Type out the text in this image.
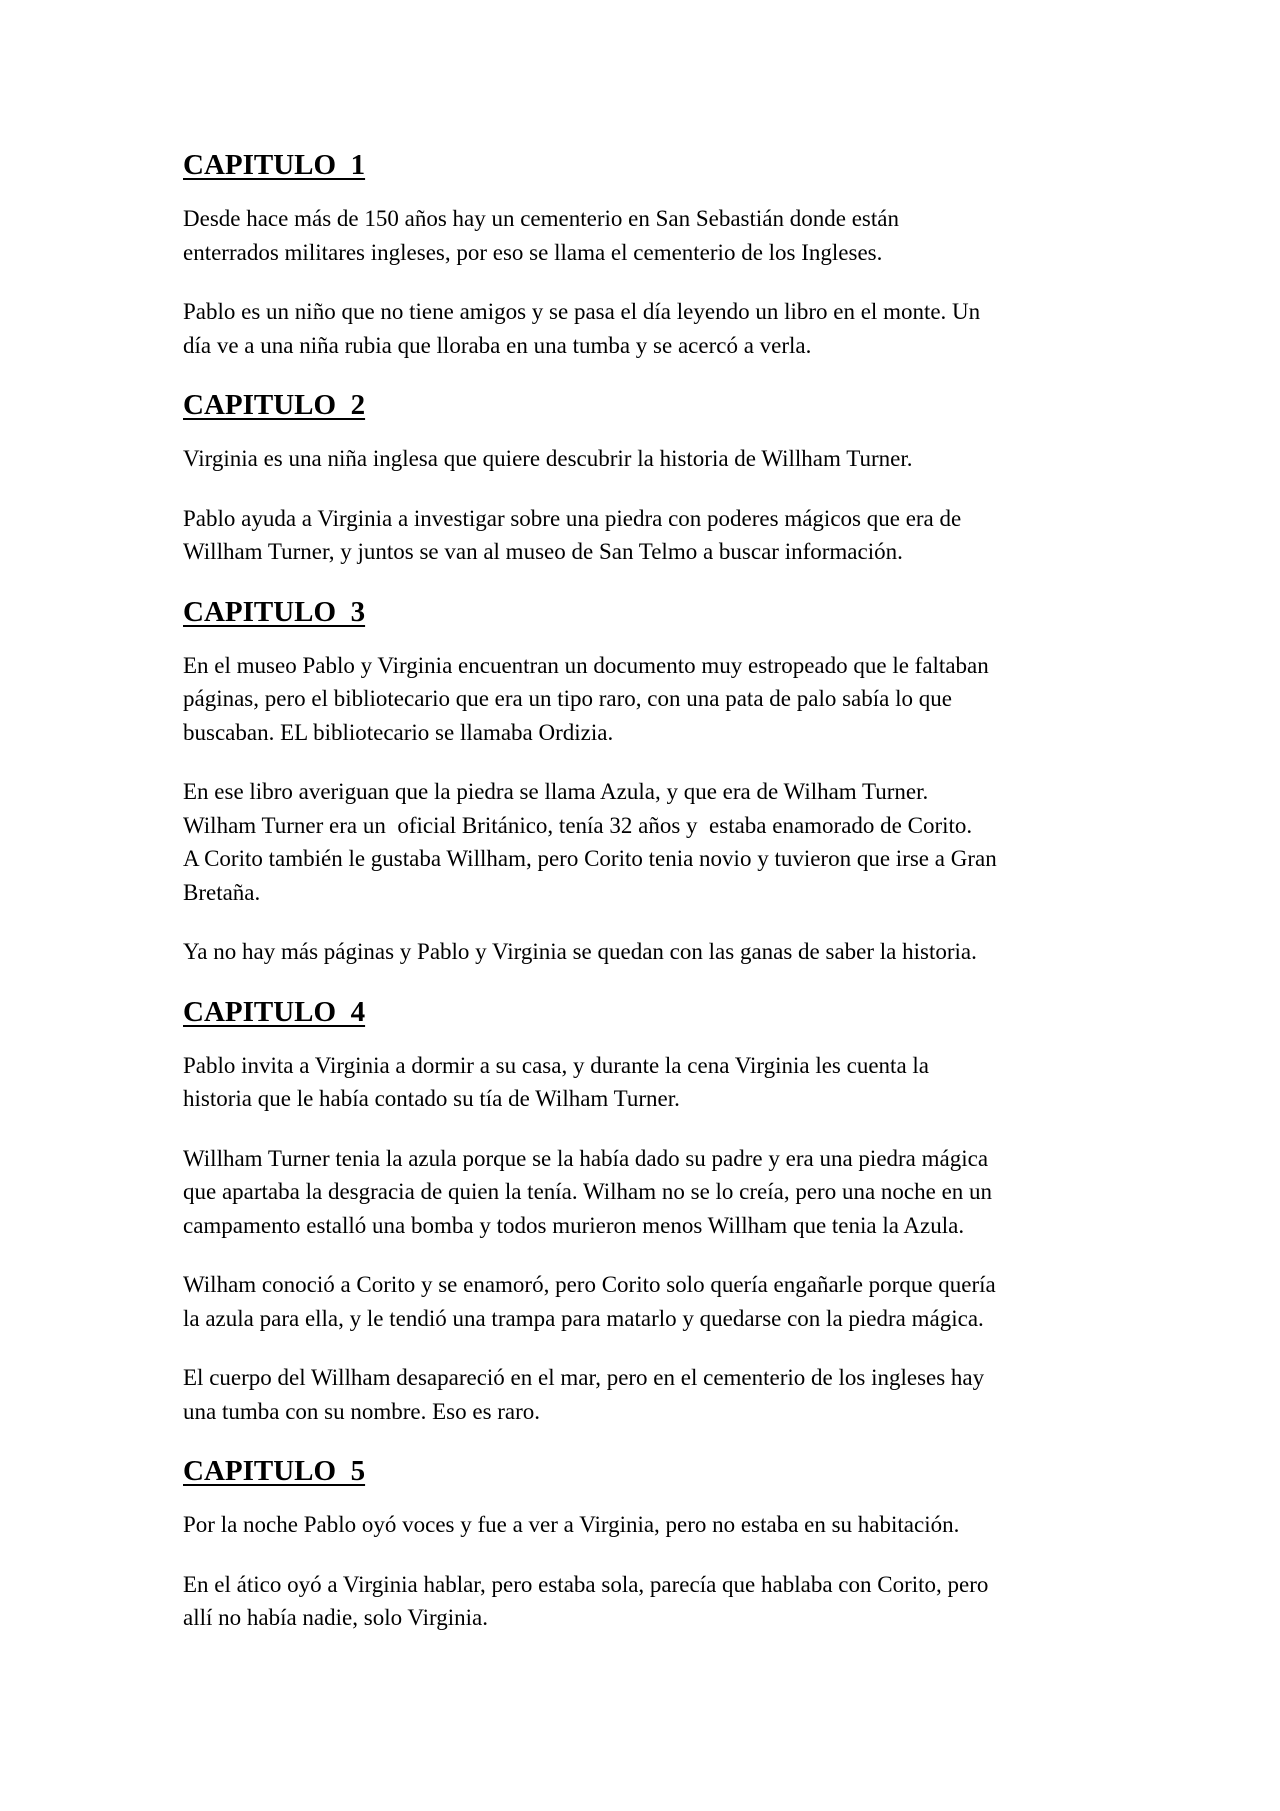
CAPITULO  1

Desde hace más de 150 años hay un cementerio en San Sebastián donde están
enterrados militares ingleses, por eso se llama el cementerio de los Ingleses.

Pablo es un niño que no tiene amigos y se pasa el día leyendo un libro en el monte. Un
día ve a una niña rubia que lloraba en una tumba y se acercó a verla.

CAPITULO  2

Virginia es una niña inglesa que quiere descubrir la historia de Willham Turner.

Pablo ayuda a Virginia a investigar sobre una piedra con poderes mágicos que era de
Willham Turner, y juntos se van al museo de San Telmo a buscar información.

CAPITULO  3

En el museo Pablo y Virginia encuentran un documento muy estropeado que le faltaban
páginas, pero el bibliotecario que era un tipo raro, con una pata de palo sabía lo que
buscaban. EL bibliotecario se llamaba Ordizia.

En ese libro averiguan que la piedra se llama Azula, y que era de Wilham Turner.
Wilham Turner era un  oficial Británico, tenía 32 años y  estaba enamorado de Corito.
A Corito también le gustaba Willham, pero Corito tenia novio y tuvieron que irse a Gran
Bretaña.

Ya no hay más páginas y Pablo y Virginia se quedan con las ganas de saber la historia.

CAPITULO  4

Pablo invita a Virginia a dormir a su casa, y durante la cena Virginia les cuenta la
historia que le había contado su tía de Wilham Turner.

Willham Turner tenia la azula porque se la había dado su padre y era una piedra mágica
que apartaba la desgracia de quien la tenía. Wilham no se lo creía, pero una noche en un
campamento estalló una bomba y todos murieron menos Willham que tenia la Azula.

Wilham conoció a Corito y se enamoró, pero Corito solo quería engañarle porque quería
la azula para ella, y le tendió una trampa para matarlo y quedarse con la piedra mágica.

El cuerpo del Willham desapareció en el mar, pero en el cementerio de los ingleses hay
una tumba con su nombre. Eso es raro.

CAPITULO  5

Por la noche Pablo oyó voces y fue a ver a Virginia, pero no estaba en su habitación.

En el ático oyó a Virginia hablar, pero estaba sola, parecía que hablaba con Corito, pero
allí no había nadie, solo Virginia.
